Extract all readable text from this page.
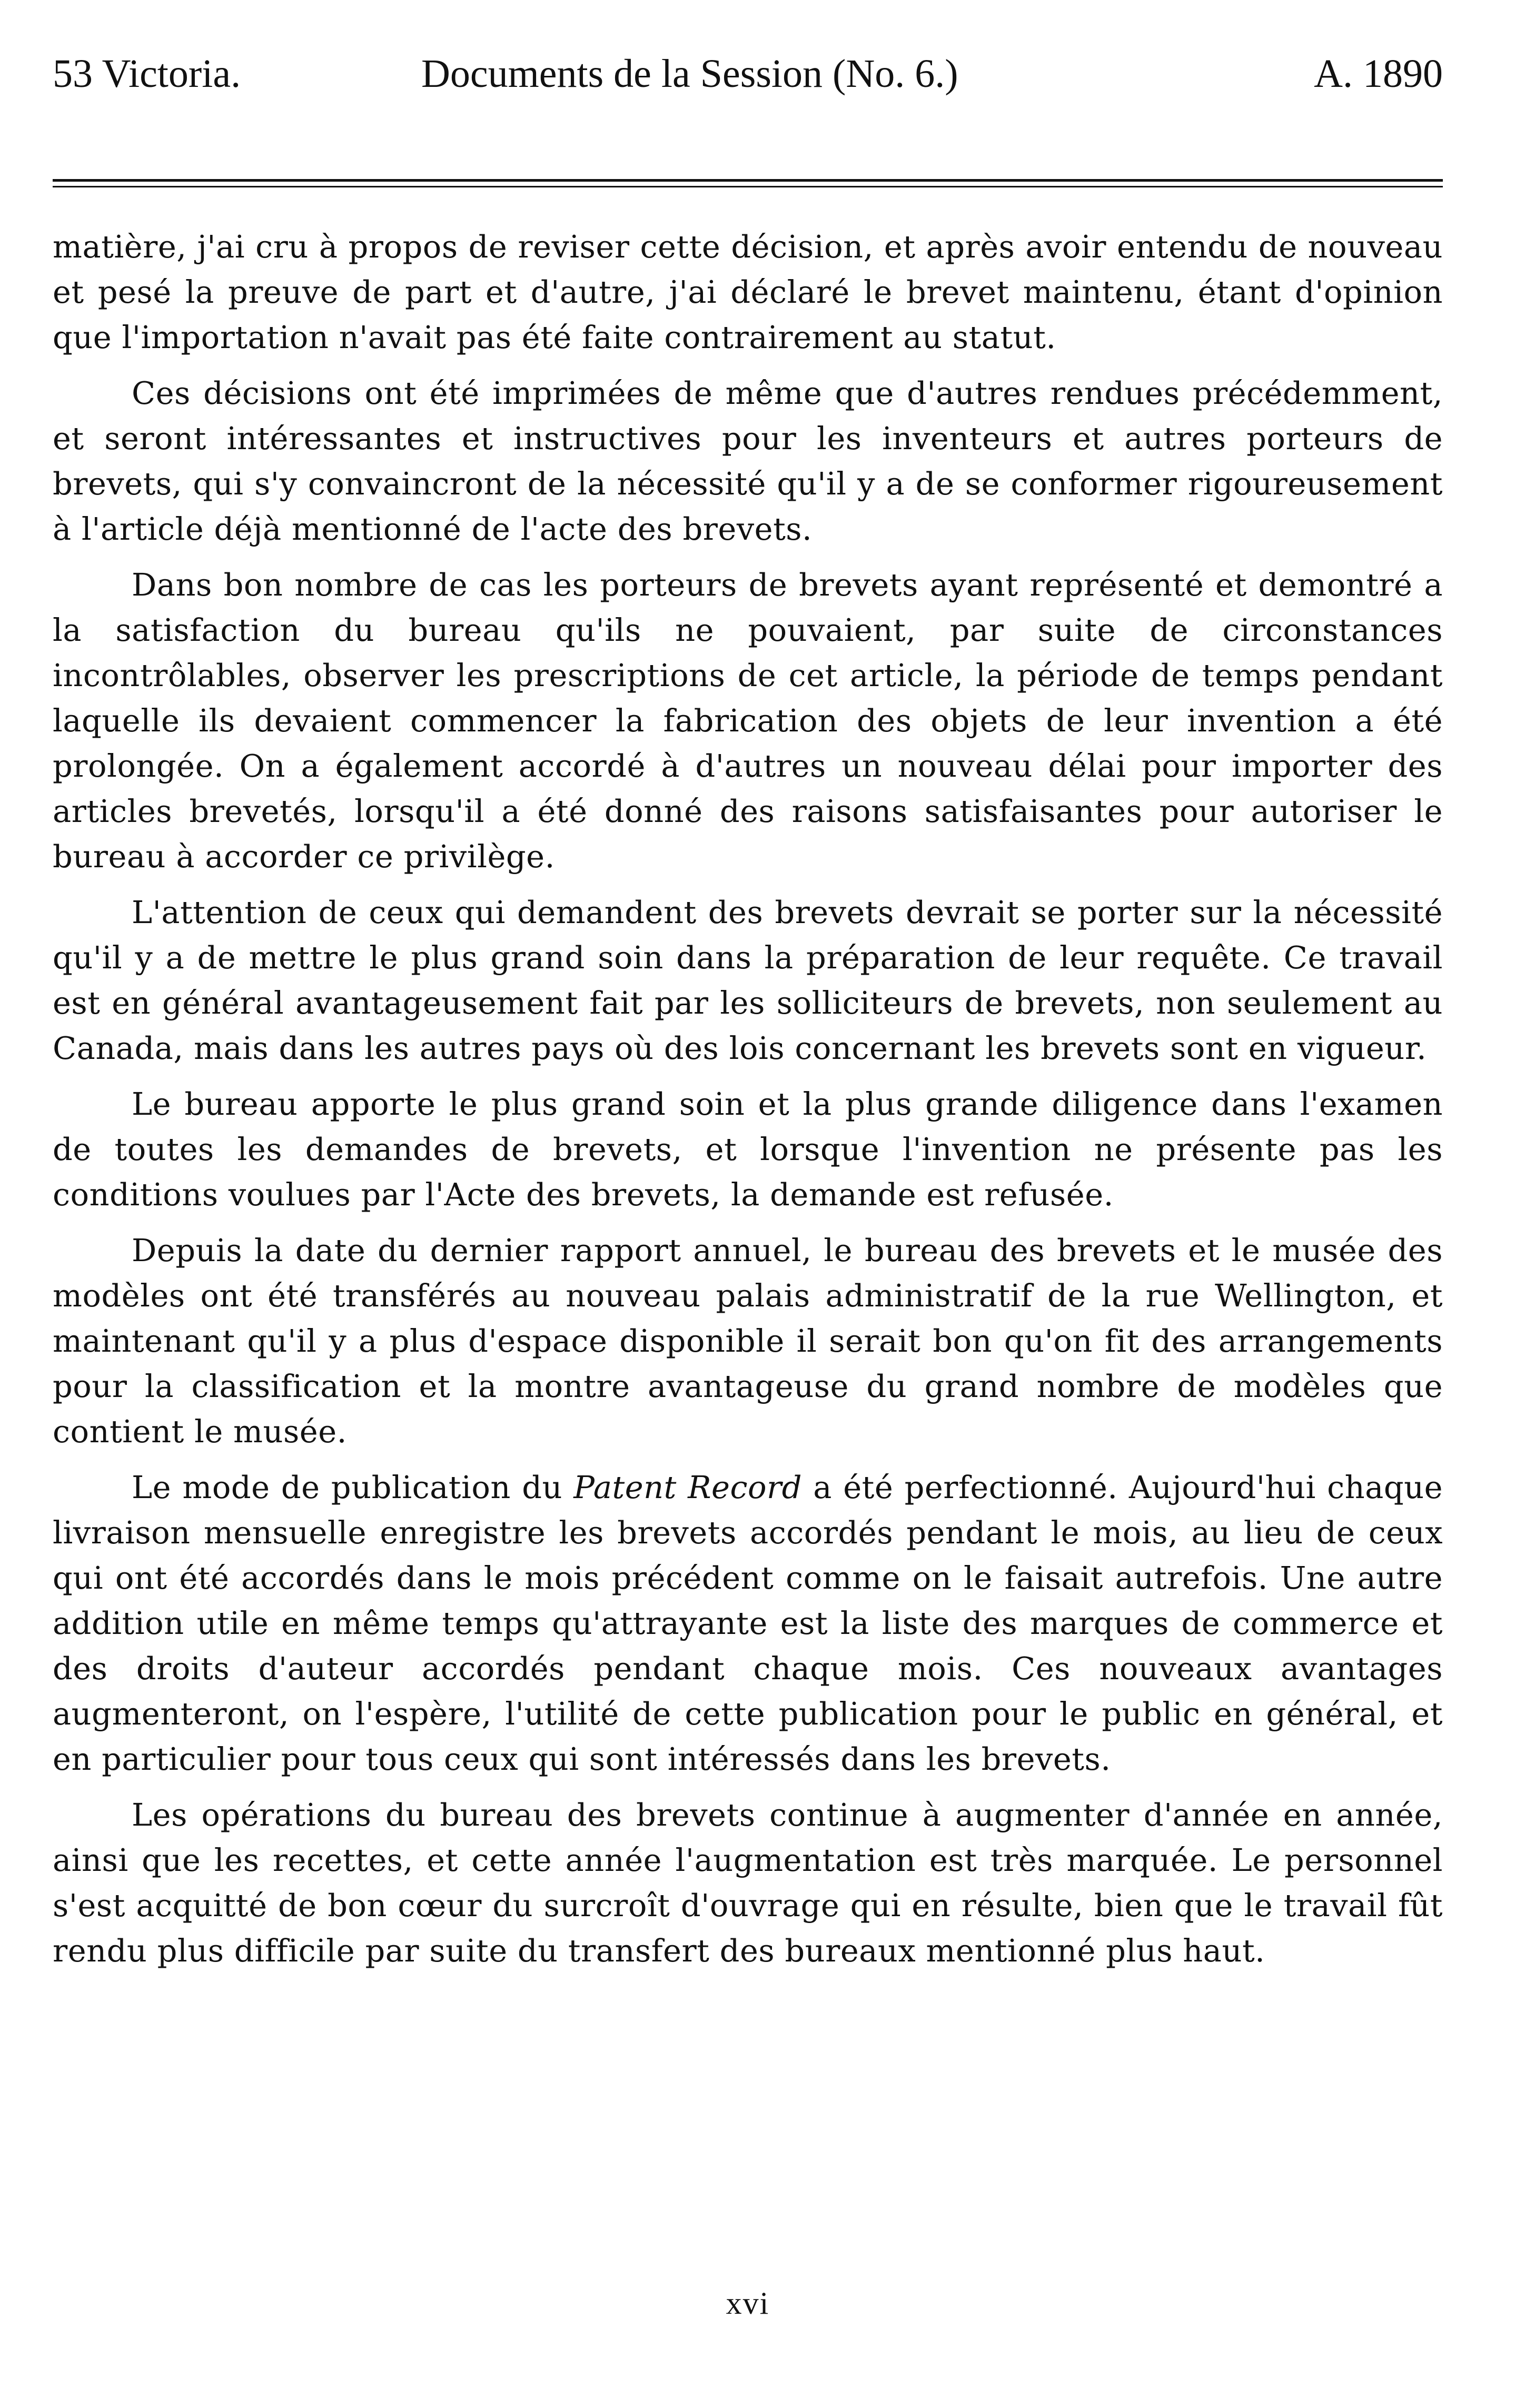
53 Victoria.	Documents de la Session (No. 6.)	A. 1890

matière, j'ai cru à propos de reviser cette décision, et après avoir entendu de nouveau et pesé la preuve de part et d'autre, j'ai déclaré le brevet maintenu, étant d'opinion que l'importation n'avait pas été faite contrairement au statut.

Ces décisions ont été imprimées de même que d'autres rendues précédemment, et seront intéressantes et instructives pour les inventeurs et autres porteurs de brevets, qui s'y convaincront de la nécessité qu'il y a de se conformer rigoureusement à l'article déjà mentionné de l'acte des brevets.

Dans bon nombre de cas les porteurs de brevets ayant représenté et demontré a la satisfaction du bureau qu'ils ne pouvaient, par suite de circonstances incontrôlables, observer les prescriptions de cet article, la période de temps pendant laquelle ils devaient commencer la fabrication des objets de leur invention a été prolongée. On a également accordé à d'autres un nouveau délai pour importer des articles brevetés, lorsqu'il a été donné des raisons satisfaisantes pour autoriser le bureau à accorder ce privilège.

L'attention de ceux qui demandent des brevets devrait se porter sur la nécessité qu'il y a de mettre le plus grand soin dans la préparation de leur requête. Ce travail est en général avantageusement fait par les solliciteurs de brevets, non seulement au Canada, mais dans les autres pays où des lois concernant les brevets sont en vigueur.

Le bureau apporte le plus grand soin et la plus grande diligence dans l'examen de toutes les demandes de brevets, et lorsque l'invention ne présente pas les conditions voulues par l'Acte des brevets, la demande est refusée.

Depuis la date du dernier rapport annuel, le bureau des brevets et le musée des modèles ont été transférés au nouveau palais administratif de la rue Wellington, et maintenant qu'il y a plus d'espace disponible il serait bon qu'on fit des arrangements pour la classification et la montre avantageuse du grand nombre de modèles que contient le musée.

Le mode de publication du Patent Record a été perfectionné. Aujourd'hui chaque livraison mensuelle enregistre les brevets accordés pendant le mois, au lieu de ceux qui ont été accordés dans le mois précédent comme on le faisait autrefois. Une autre addition utile en même temps qu'attrayante est la liste des marques de commerce et des droits d'auteur accordés pendant chaque mois. Ces nouveaux avantages augmenteront, on l'espère, l'utilité de cette publication pour le public en général, et en particulier pour tous ceux qui sont intéressés dans les brevets.

Les opérations du bureau des brevets continue à augmenter d'année en année, ainsi que les recettes, et cette année l'augmentation est très marquée. Le personnel s'est acquitté de bon cœur du surcroît d'ouvrage qui en résulte, bien que le travail fût rendu plus difficile par suite du transfert des bureaux mentionné plus haut.

xvi
